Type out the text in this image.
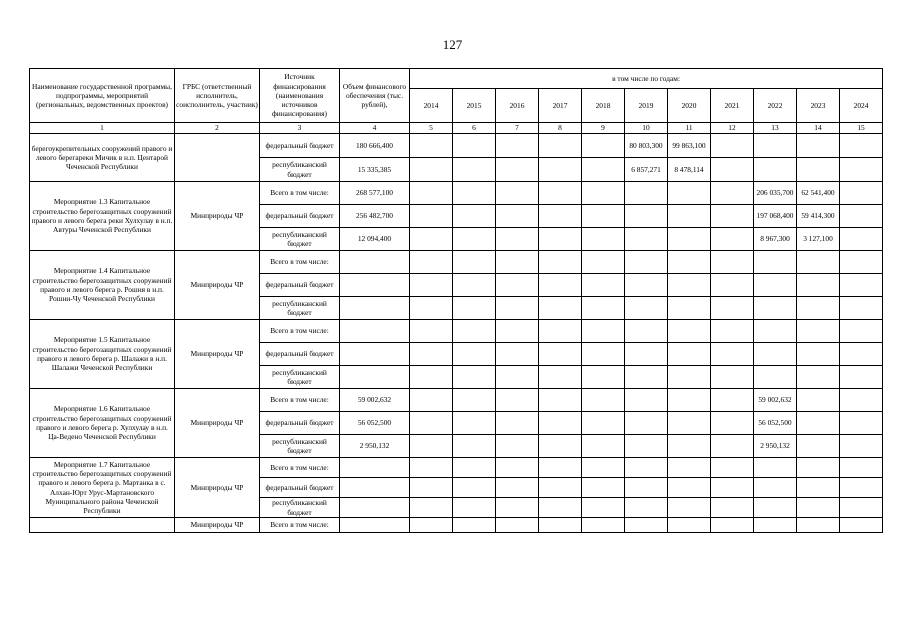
127
Наименование государственной программы, подпрограммы, мероприятий (региональных, ведомственных проектов)	ГРБС (ответственный исполнитель, соисполнитель, участник)	Источник финансирования (наименования источников финансирования)	Объем финансового обеспечения (тыс. рублей),	в том числе по годам:										
				2014	2015	2016	2017	2018	2019	2020	2021	2022	2023	2024
1	2	3	4	5	6	7	8	9	10	11	12	13	14	15
берегоукрепительных сооружений правого и левого берегареки Мичик в н.п. Центарой Чеченской Республики		федеральный бюджет	180 666,400						80 803,300	99 863,100				
		республиканский бюджет	15 335,385						6 857,271	8 478,114				
Мероприятие 1.3 Капитальное строительство берегозащитных сооружений правого и левого берега реки Хулхулау в н.п. Автуры Чеченской Республики	Минприроды ЧР	Всего в том числе:	268 577,100									206 035,700	62 541,400	
		федеральный бюджет	256 482,700									197 068,400	59 414,300	
		республиканский бюджет	12 094,400									8 967,300	3 127,100	
Мероприятие 1.4 Капитальное строительство берегозащитных сооружений правого и левого берега р. Рошня в н.п. Рошни-Чу Чеченской Республики	Минприроды ЧР	Всего в том числе:												
		федеральный бюджет												
		республиканский бюджет												
Мероприятие 1.5 Капитальное строительство берегозащитных сооружений правого и левого берега р. Шалажи в н.п. Шалажи Чеченской Республики	Минприроды ЧР	Всего в том числе:												
		федеральный бюджет												
		республиканский бюджет												
Мероприятие 1.6 Капитальное строительство берегозащитных сооружений правого и левого берега р. Хулхулау в н.п. Ца-Ведено Чеченской Республики	Минприроды ЧР	Всего в том числе:	59 002,632									59 002,632		
		федеральный бюджет	56 052,500									56 052,500		
		республиканский бюджет	2 950,132									2 950,132		
Мероприятие 1.7 Капитальное строительство берегозащитных сооружений правого и левого берега р. Мартанка в с. Алхан-Юрт Урус-Мартановского Муниципального района Чеченской Республики	Минприроды ЧР	Всего в том числе:												
		федеральный бюджет												
		республиканский бюджет												
	Минприроды ЧР	Всего в том числе:												
